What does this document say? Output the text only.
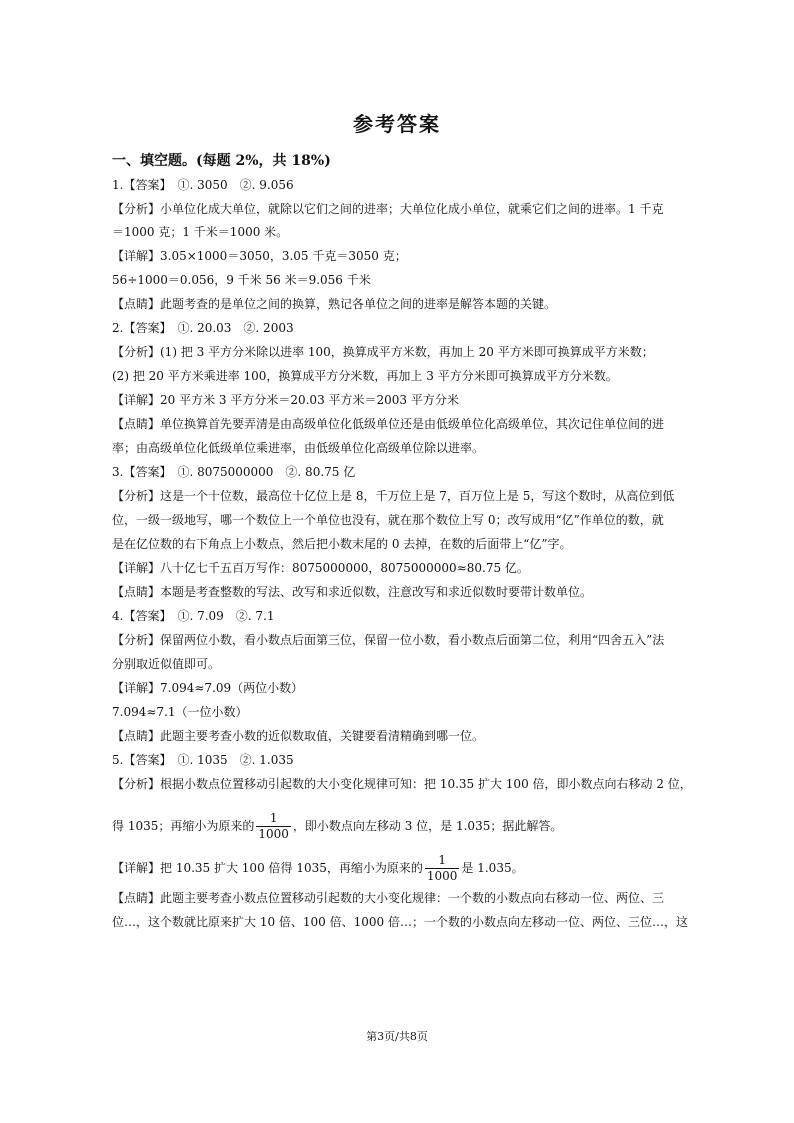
参考答案
一、填空题。(每题 2%，共 18%)
1.【答案】　①. 3050　②. 9.056
【分析】小单位化成大单位，就除以它们之间的进率；大单位化成小单位，就乘它们之间的进率。1 千克
＝1000 克；1 千米＝1000 米。
【详解】3.05×1000＝3050，3.05 千克＝3050 克；
56÷1000＝0.056，9 千米 56 米＝9.056 千米
【点睛】此题考查的是单位之间的换算，熟记各单位之间的进率是解答本题的关键。
2.【答案】　①. 20.03　②. 2003
【分析】(1) 把 3 平方分米除以进率 100，换算成平方米数，再加上 20 平方米即可换算成平方米数；
(2) 把 20 平方米乘进率 100，换算成平方分米数，再加上 3 平方分米即可换算成平方分米数。
【详解】20 平方米 3 平方分米＝20.03 平方米＝2003 平方分米
【点睛】单位换算首先要弄清是由高级单位化低级单位还是由低级单位化高级单位，其次记住单位间的进
率；由高级单位化低级单位乘进率，由低级单位化高级单位除以进率。
3.【答案】　①. 8075000000　②. 80.75 亿
【分析】这是一个十位数，最高位十亿位上是 8，千万位上是 7，百万位上是 5，写这个数时，从高位到低
位，一级一级地写，哪一个数位上一个单位也没有，就在那个数位上写 0；改写成用“亿”作单位的数，就
是在亿位数的右下角点上小数点，然后把小数末尾的 0 去掉，在数的后面带上“亿”字。
【详解】八十亿七千五百万写作：8075000000，8075000000≈80.75 亿。
【点睛】本题是考查整数的写法、改写和求近似数，注意改写和求近似数时要带计数单位。
4.【答案】　①. 7.09　②. 7.1
【分析】保留两位小数，看小数点后面第三位，保留一位小数，看小数点后面第二位，利用“四舍五入”法
分别取近似值即可。
【详解】7.094≈7.09（两位小数）
7.094≈7.1（一位小数）
【点睛】此题主要考查小数的近似数取值，关键要看清精确到哪一位。
5.【答案】　①. 1035　②. 1.035
【分析】根据小数点位置移动引起数的大小变化规律可知：把 10.35 扩大 100 倍，即小数点向右移动 2 位，
得 1035；再缩小为原来的 $\frac{1}{1000}$ ，即小数点向左移动 3 位，是 1.035；据此解答。
【详解】把 10.35 扩大 100 倍得 1035，再缩小为原来的 $\frac{1}{1000}$ 是 1.035。
【点睛】此题主要考查小数点位置移动引起数的大小变化规律：一个数的小数点向右移动一位、两位、三
位…，这个数就比原来扩大 10 倍、100 倍、1000 倍…；一个数的小数点向左移动一位、两位、三位…，这
第3页/共8页
